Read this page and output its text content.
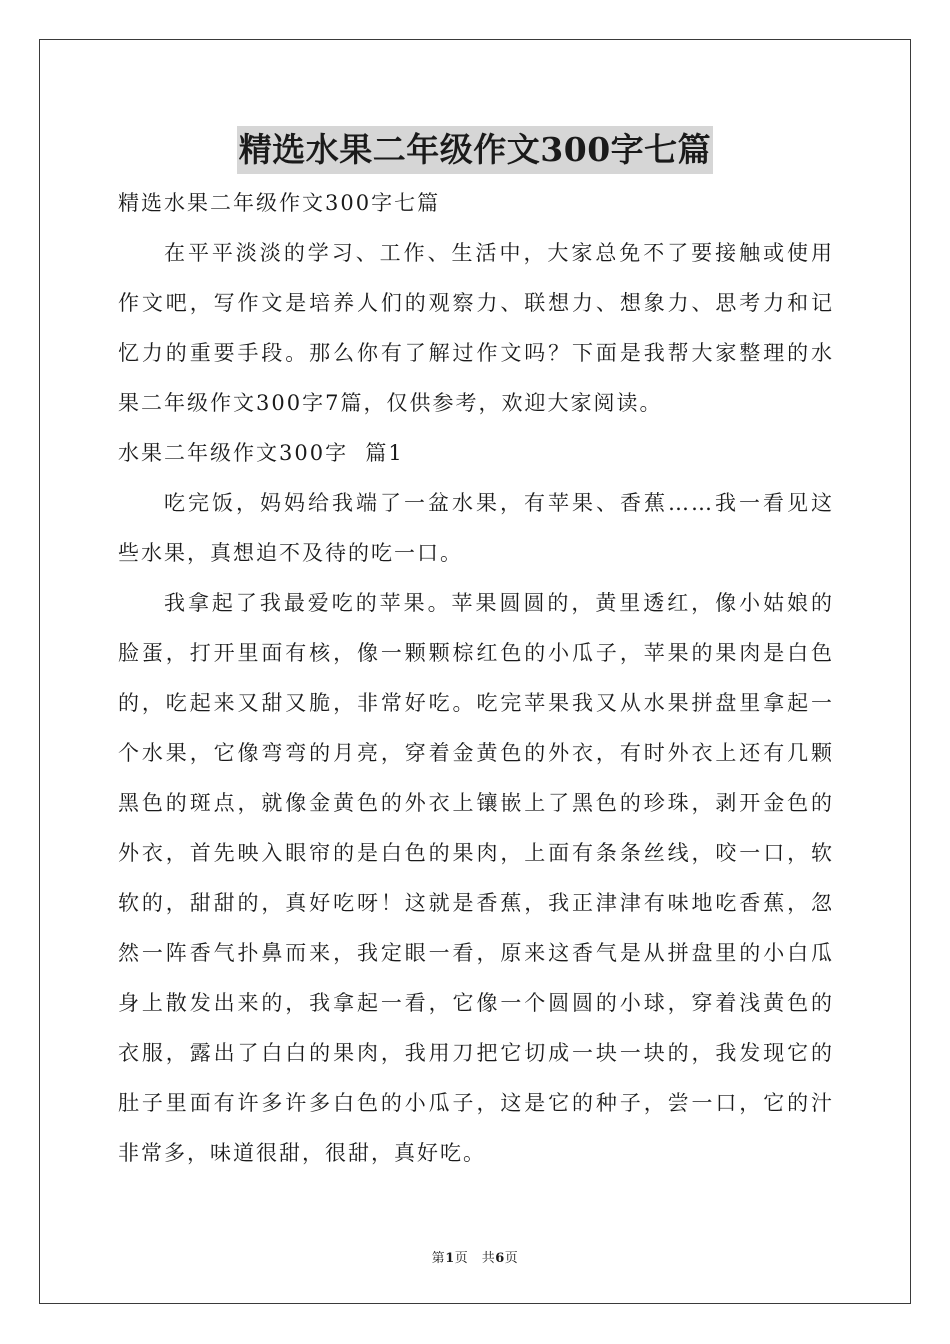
精选水果二年级作文300字七篇
精选水果二年级作文300字七篇
在平平淡淡的学习、工作、生活中，大家总免不了要接触或使用
作文吧，写作文是培养人们的观察力、联想力、想象力、思考力和记
忆力的重要手段。那么你有了解过作文吗？下面是我帮大家整理的水
果二年级作文300字7篇，仅供参考，欢迎大家阅读。
水果二年级作文300字  篇1
吃完饭，妈妈给我端了一盆水果，有苹果、香蕉……我一看见这
些水果，真想迫不及待的吃一口。
我拿起了我最爱吃的苹果。苹果圆圆的，黄里透红，像小姑娘的
脸蛋，打开里面有核，像一颗颗棕红色的小瓜子，苹果的果肉是白色
的，吃起来又甜又脆，非常好吃。吃完苹果我又从水果拼盘里拿起一
个水果，它像弯弯的月亮，穿着金黄色的外衣，有时外衣上还有几颗
黑色的斑点，就像金黄色的外衣上镶嵌上了黑色的珍珠，剥开金色的
外衣，首先映入眼帘的是白色的果肉，上面有条条丝线，咬一口，软
软的，甜甜的，真好吃呀！这就是香蕉，我正津津有味地吃香蕉，忽
然一阵香气扑鼻而来，我定眼一看，原来这香气是从拼盘里的小白瓜
身上散发出来的，我拿起一看，它像一个圆圆的小球，穿着浅黄色的
衣服，露出了白白的果肉，我用刀把它切成一块一块的，我发现它的
肚子里面有许多许多白色的小瓜子，这是它的种子，尝一口，它的汁
非常多，味道很甜，很甜，真好吃。
第1页　共6页
